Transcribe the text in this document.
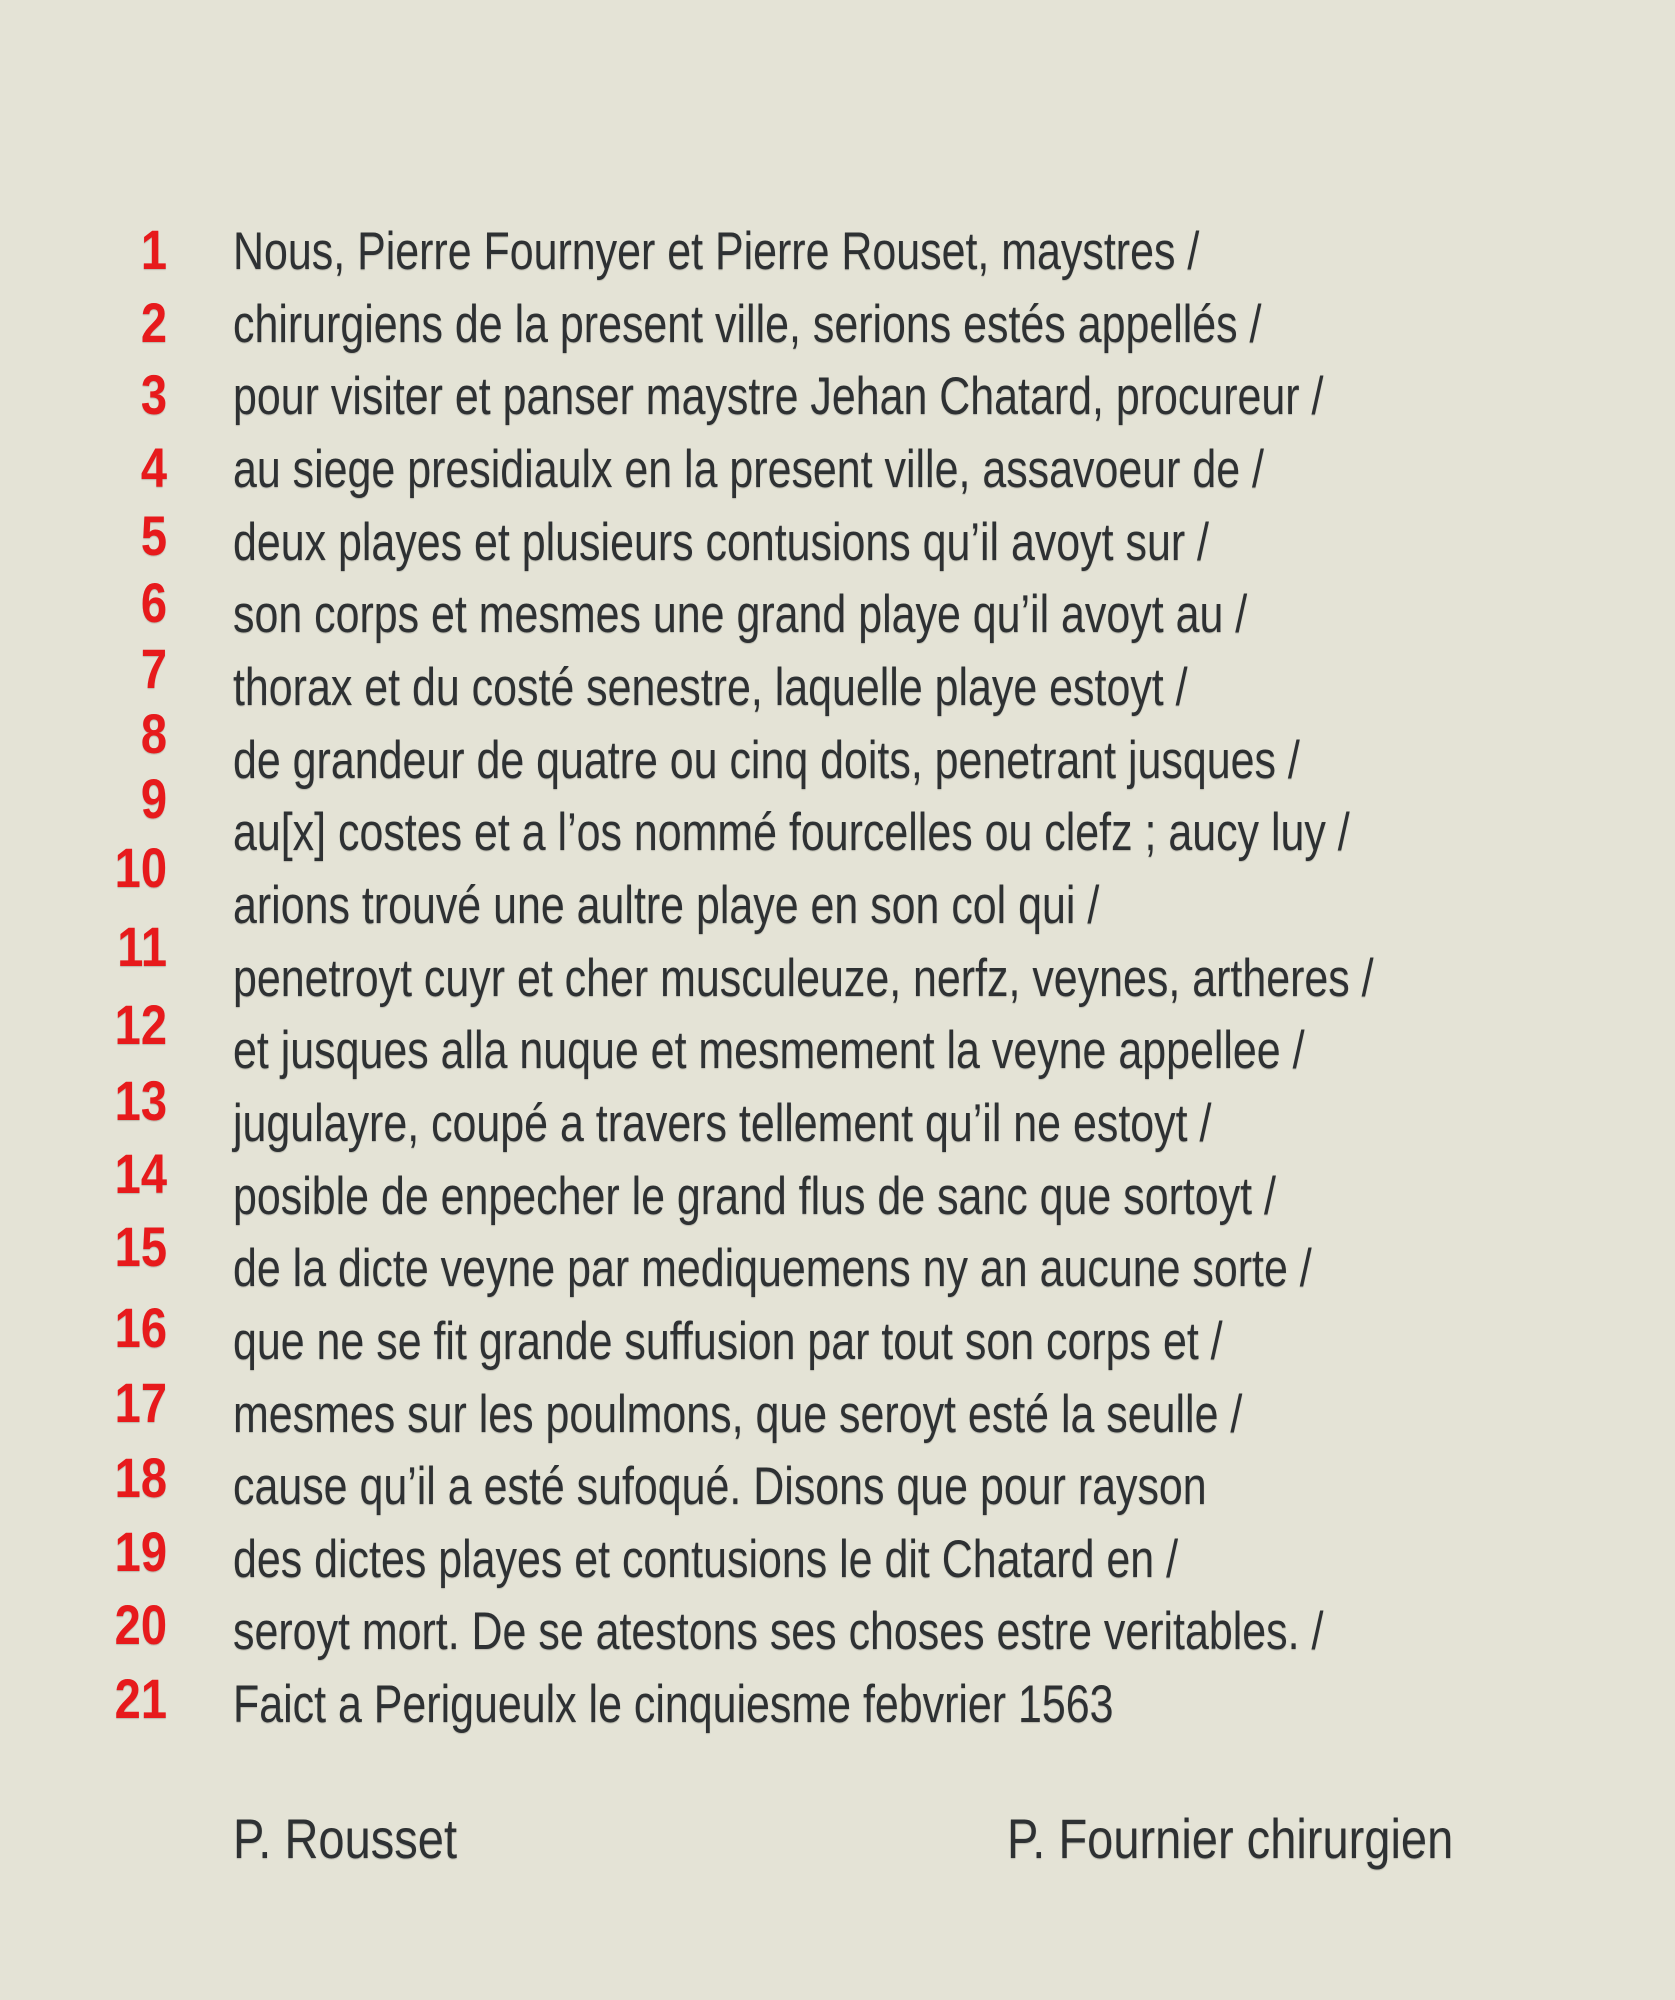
1 Nous, Pierre Fournyer et Pierre Rouset, maystres /
2 chirurgiens de la present ville, serions estés appellés /
3 pour visiter et panser maystre Jehan Chatard, procureur /
4 au siege presidiaulx en la present ville, assavoeur de /
5 deux playes et plusieurs contusions qu’il avoyt sur /
6 son corps et mesmes une grand playe qu’il avoyt au /
7 thorax et du costé senestre, laquelle playe estoyt /
8 de grandeur de quatre ou cinq doits, penetrant jusques /
9
au[x] costes et a l’os nommé fourcelles ou clefz ; aucy luy /
10
arions trouvé une aultre playe en son col qui /
11
penetroyt cuyr et cher musculeuze, nerfz, veynes, artheres /
12 et jusques alla nuque et mesmement la veyne appellee /
13 jugulayre, coupé a travers tellement qu’il ne estoyt /
14 posible de enpecher le grand flus de sanc que sortoyt /
15 de la dicte veyne par mediquemens ny an aucune sorte /
16 que ne se fit grande suffusion par tout son corps et /
17 mesmes sur les poulmons, que seroyt esté la seulle /
18 cause qu’il a esté sufoqué. Disons que pour rayson
19 des dictes playes et contusions le dit Chatard en /
20 seroyt mort. De se atestons ses choses estre veritables. /
21 Faict a Perigueulx le cinquiesme febvrier 1563
P. Rousset	P. Fournier chirurgien
